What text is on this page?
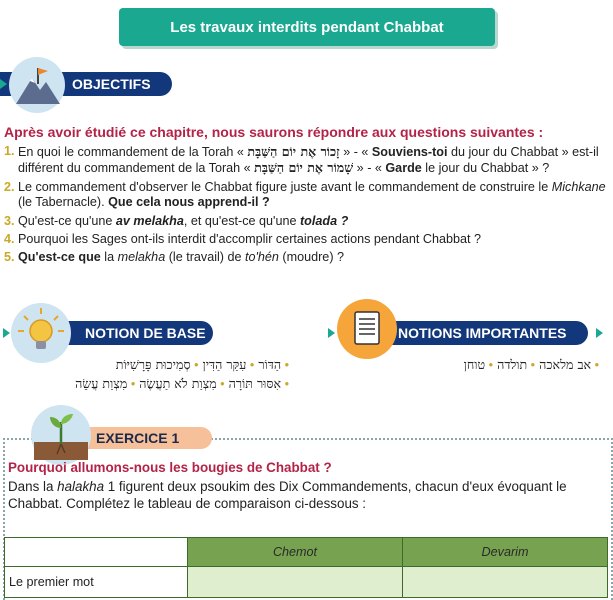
Les travaux interdits pendant Chabbat
OBJECTIFS
Après avoir étudié ce chapitre, nous saurons répondre aux questions suivantes :
1. En quoi le commandement de la Torah « זָכוֹר אֶת יוֹם הַשַּׁבָּת » - « Souviens-toi du jour du Chabbat » est-il différent du commandement de la Torah « שָׁמוֹר אֶת יוֹם הַשַּׁבָּת » - « Garde le jour du Chabbat » ?
2. Le commandement d'observer le Chabbat figure juste avant le commandement de construire le Michkane (le Tabernacle). Que cela nous apprend-il ?
3. Qu'est-ce qu'une av melakha, et qu'est-ce qu'une tolada ?
4. Pourquoi les Sages ont-ils interdit d'accomplir certaines actions pendant Chabbat ?
5. Qu'est-ce que la melakha (le travail) de to'hén (moudre) ?
NOTION DE BASE
• הַדּוֹר • עִקַּר הַדִּין • סְמִיכוּת פָּרָשִׁיּוֹת
• אִסּוּר תּוֹרָה • מִצְוַת לֹא תַעֲשֶׂה • מִצְוַת עֲשֵׂה
NOTIONS IMPORTANTES
• אב מלאכה • תולדה • טוחן
EXERCICE 1
Pourquoi allumons-nous les bougies de Chabbat ?
Dans la halakha 1 figurent deux psoukim des Dix Commandements, chacun d'eux évoquant le Chabbat. Complétez le tableau de comparaison ci-dessous :
	Chemot	Devarim
Le premier mot		
